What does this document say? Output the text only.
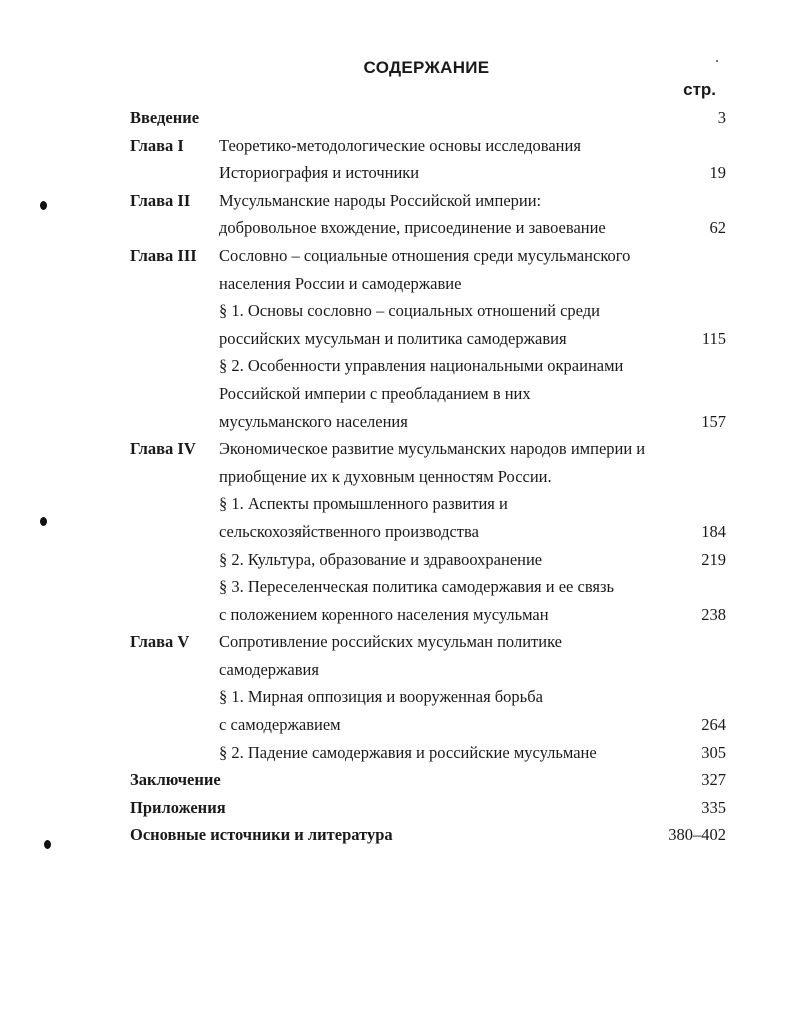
СОДЕРЖАНИЕ
стр.
Введение	3
Глава I Теоретико-методологические основы исследования
Историография и источники	19
Глава II Мусульманские народы Российской империи:
добровольное вхождение, присоединение и завоевание	62
Глава III Сословно – социальные отношения среди мусульманского
населения России и самодержавие
§ 1. Основы сословно – социальных отношений среди
российских мусульман и политика самодержавия	115
§ 2. Особенности управления национальными окраинами
Российской империи с преобладанием в них
мусульманского населения	157
Глава IV Экономическое развитие мусульманских народов империи и
приобщение их к духовным ценностям России.
§ 1. Аспекты промышленного развития и
сельскохозяйственного производства	184
§ 2. Культура, образование и здравоохранение	219
§ 3. Переселенческая политика самодержавия и ее связь
с положением коренного населения мусульман	238
Глава V Сопротивление российских мусульман политике
самодержавия
§ 1. Мирная оппозиция и вооруженная борьба
с самодержавием	264
§ 2. Падение самодержавия и российские мусульмане	305
Заключение	327
Приложения	335
Основные источники и литература	380–402
